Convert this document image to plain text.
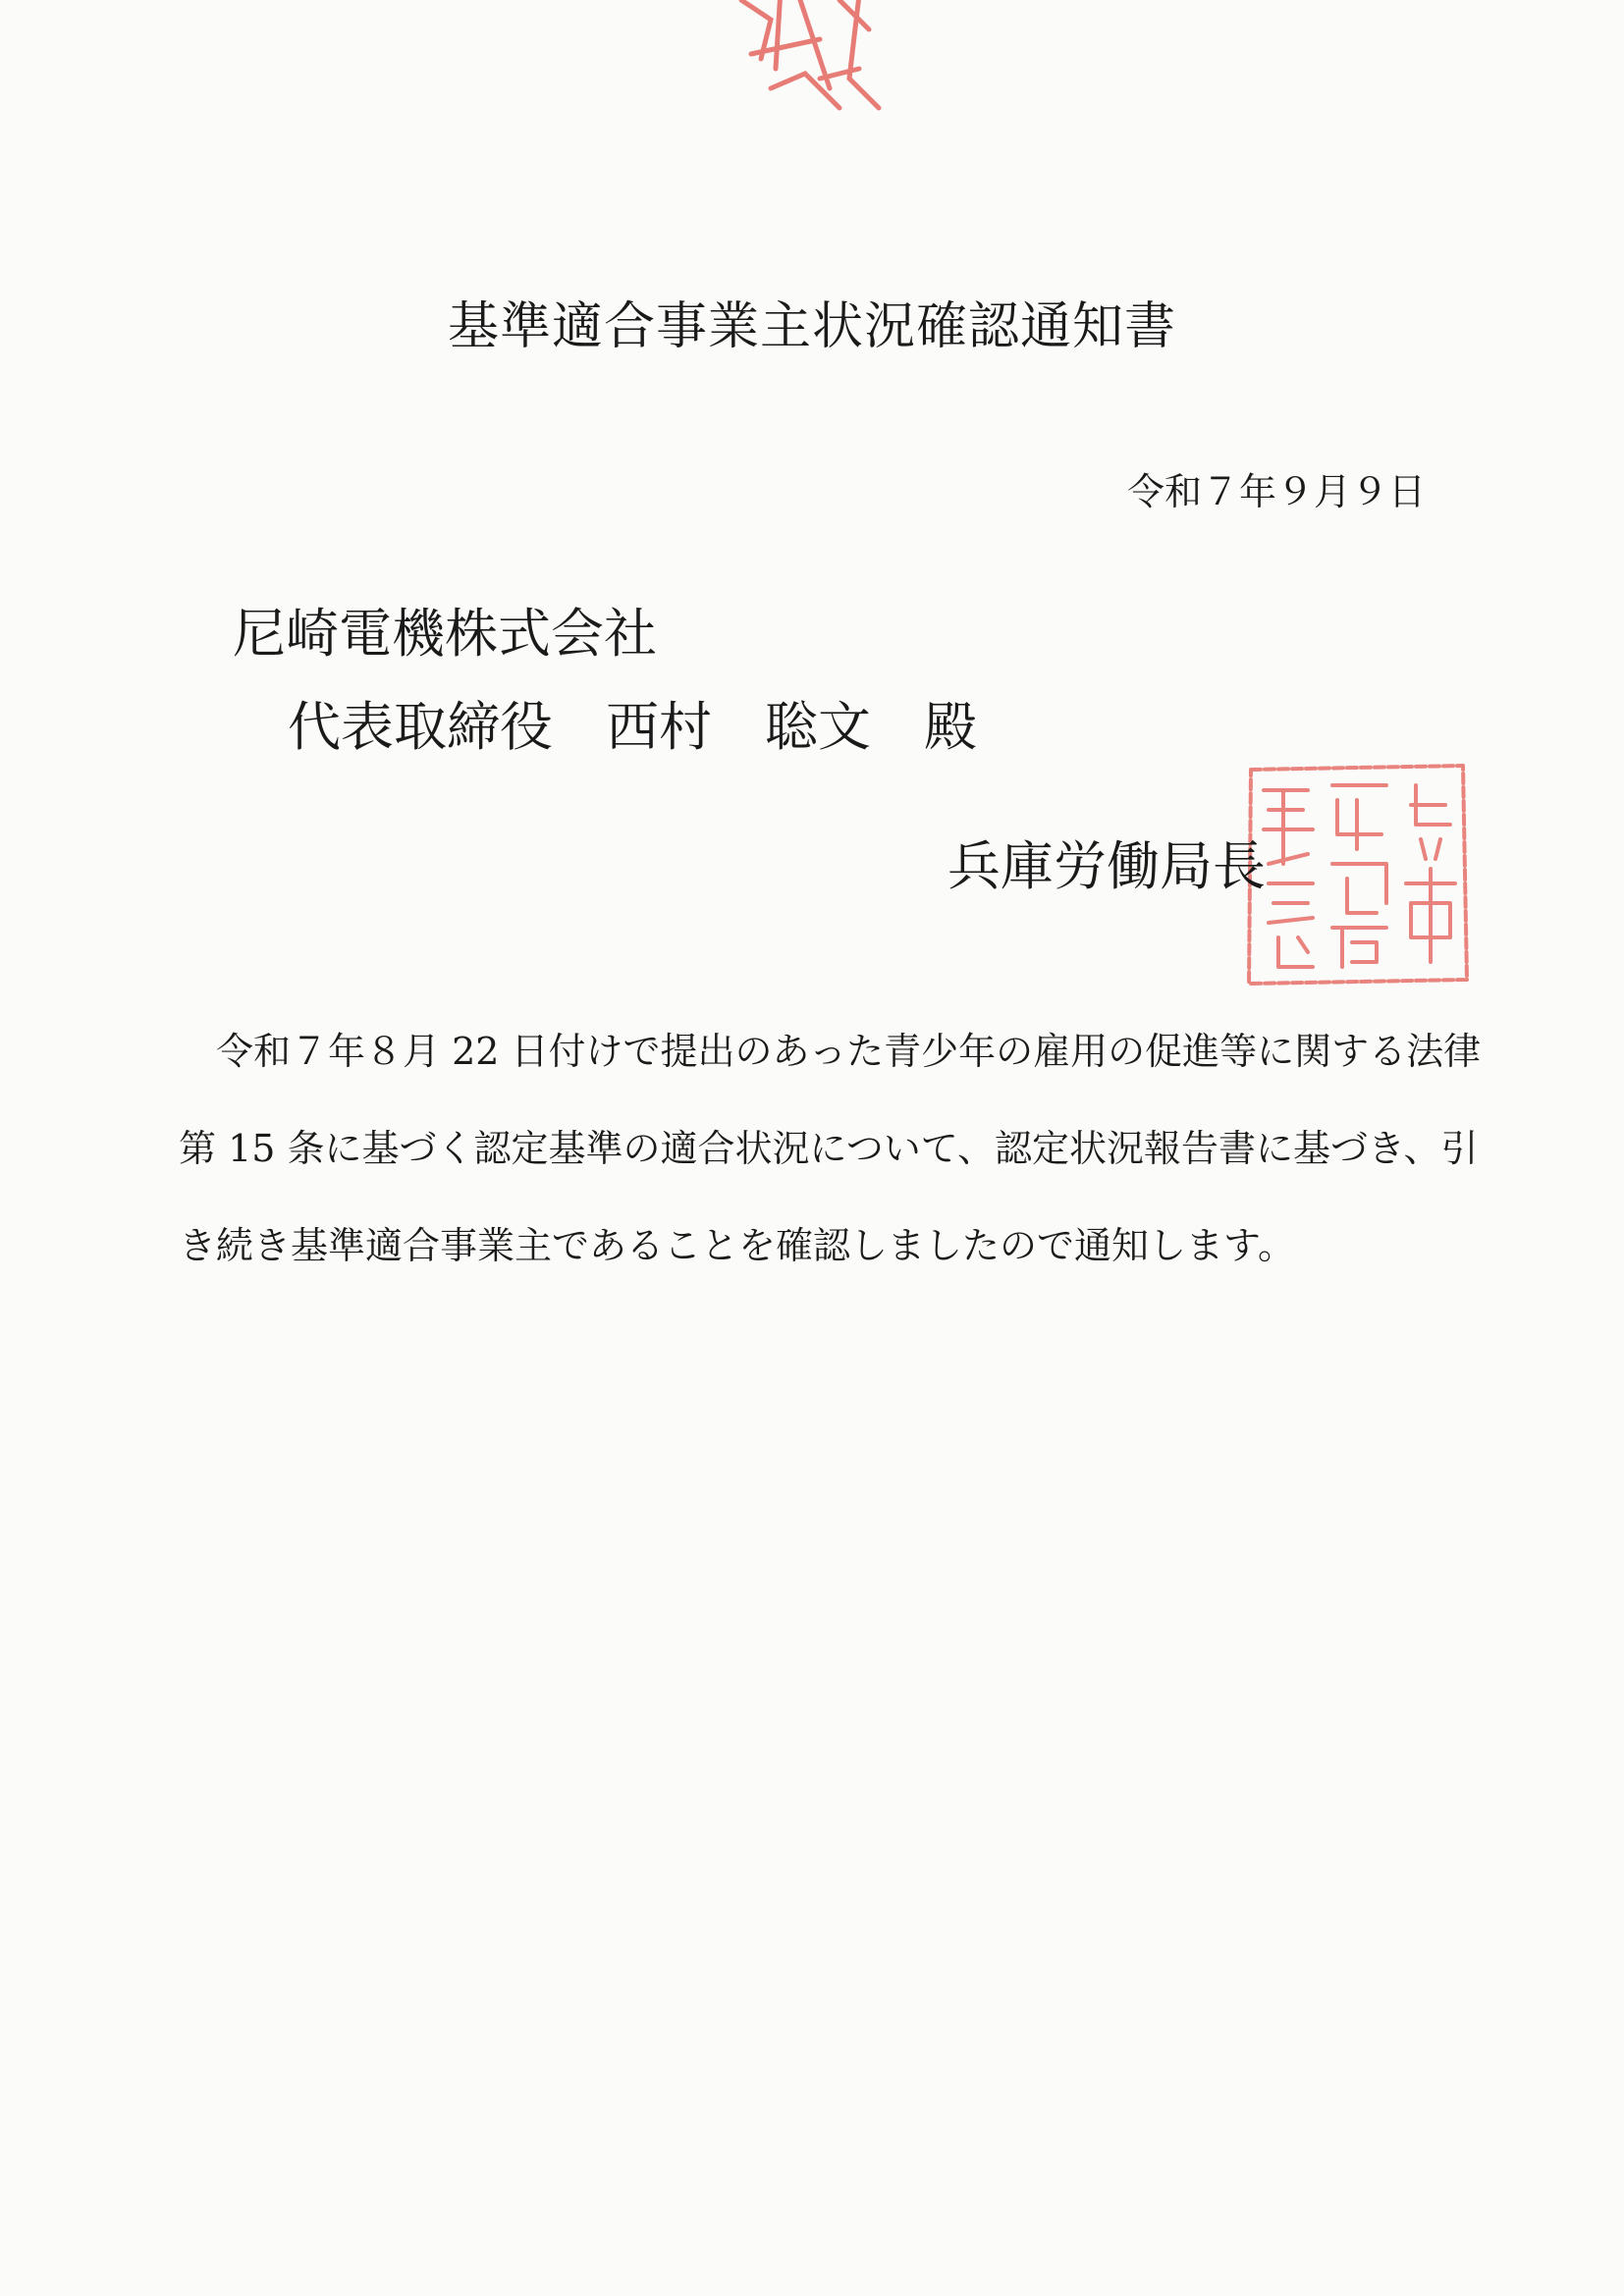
基準適合事業主状況確認通知書
令和７年９月９日
尼崎電機株式会社
代表取締役　西村　聡文　殿
兵庫労働局長
令和７年８月 22 日付けで提出のあった青少年の雇用の促進等に関する法律
第 15 条に基づく認定基準の適合状況について、認定状況報告書に基づき、引
き続き基準適合事業主であることを確認しましたので通知します。
